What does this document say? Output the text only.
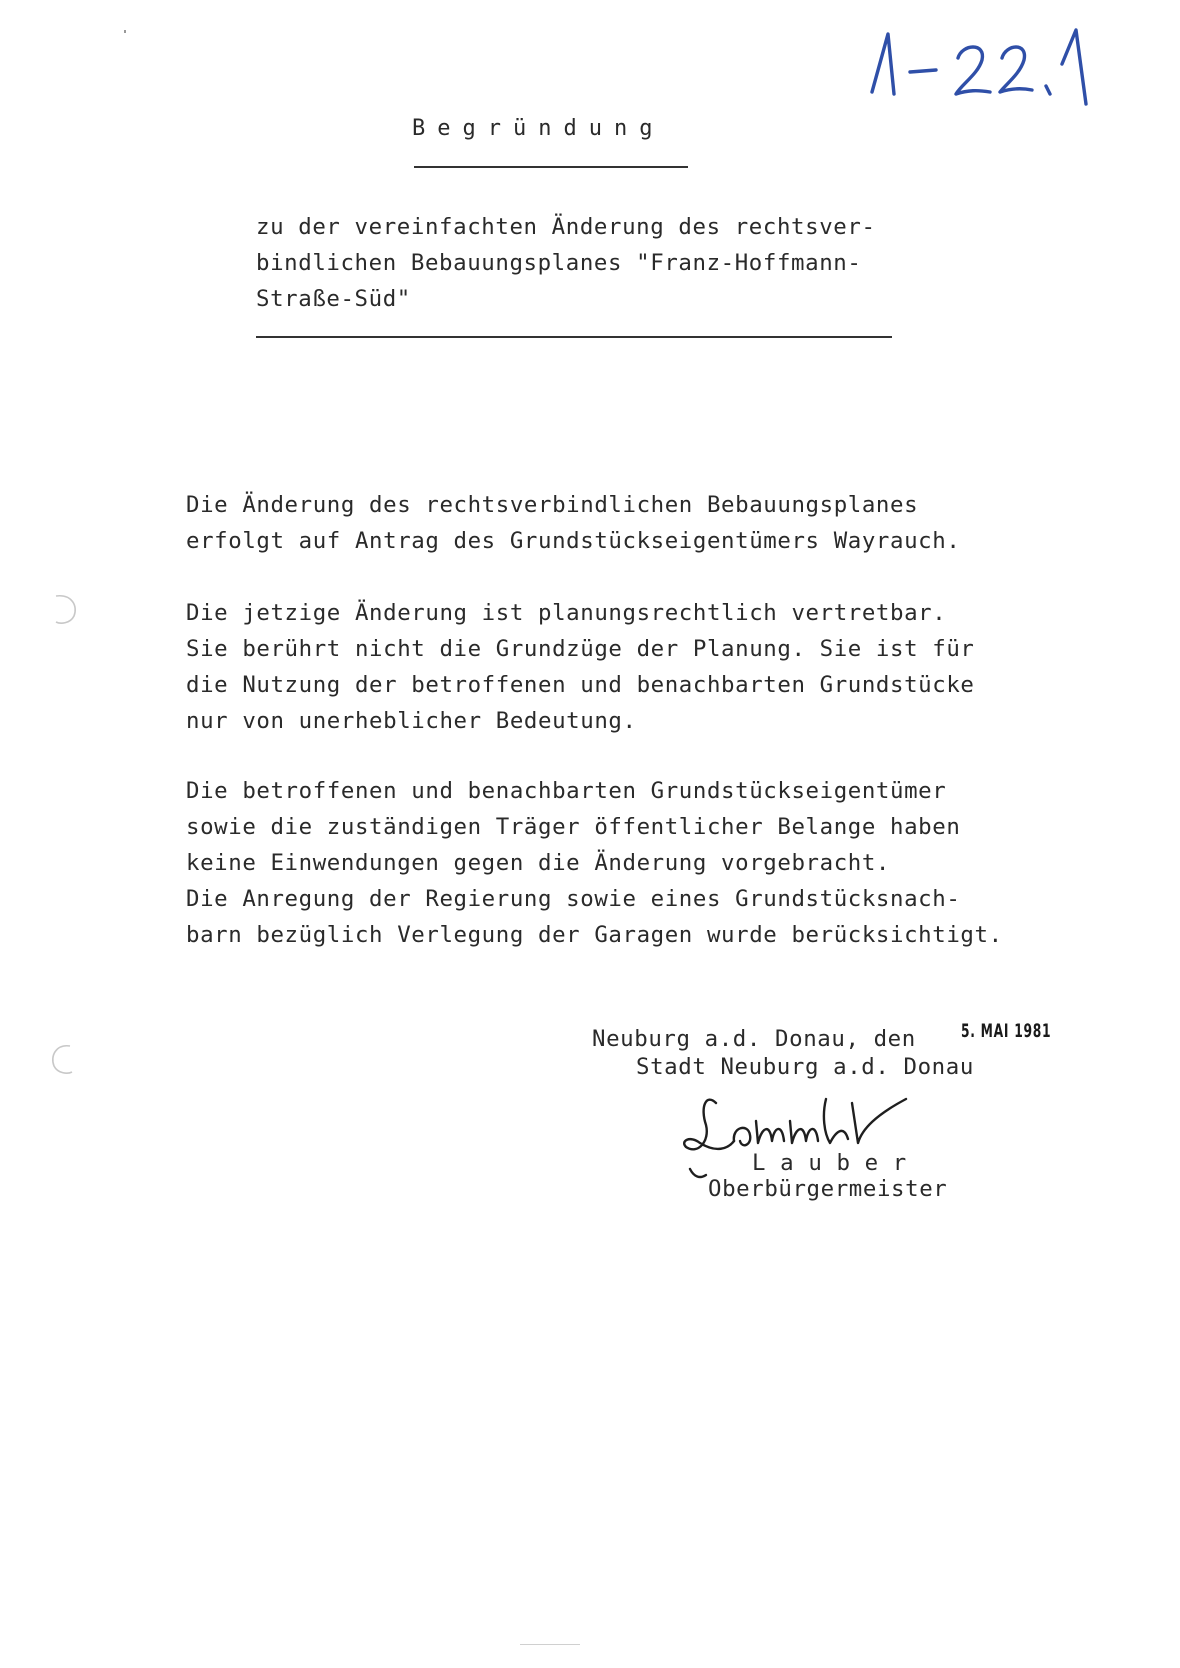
Begründung
zu der vereinfachten Änderung des rechtsver-
bindlichen Bebauungsplanes "Franz-Hoffmann-
Straße-Süd"
Die Änderung des rechtsverbindlichen Bebauungsplanes
erfolgt auf Antrag des Grundstückseigentümers Wayrauch.
Die jetzige Änderung ist planungsrechtlich vertretbar.
Sie berührt nicht die Grundzüge der Planung. Sie ist für
die Nutzung der betroffenen und benachbarten Grundstücke
nur von unerheblicher Bedeutung.
Die betroffenen und benachbarten Grundstückseigentümer
sowie die zuständigen Träger öffentlicher Belange haben
keine Einwendungen gegen die Änderung vorgebracht.
Die Anregung der Regierung sowie eines Grundstücksnach-
barn bezüglich Verlegung der Garagen wurde berücksichtigt.
Neuburg a.d. Donau, den 5. MAI 1981
Stadt Neuburg a.d. Donau
L a u b e r
Oberbürgermeister
